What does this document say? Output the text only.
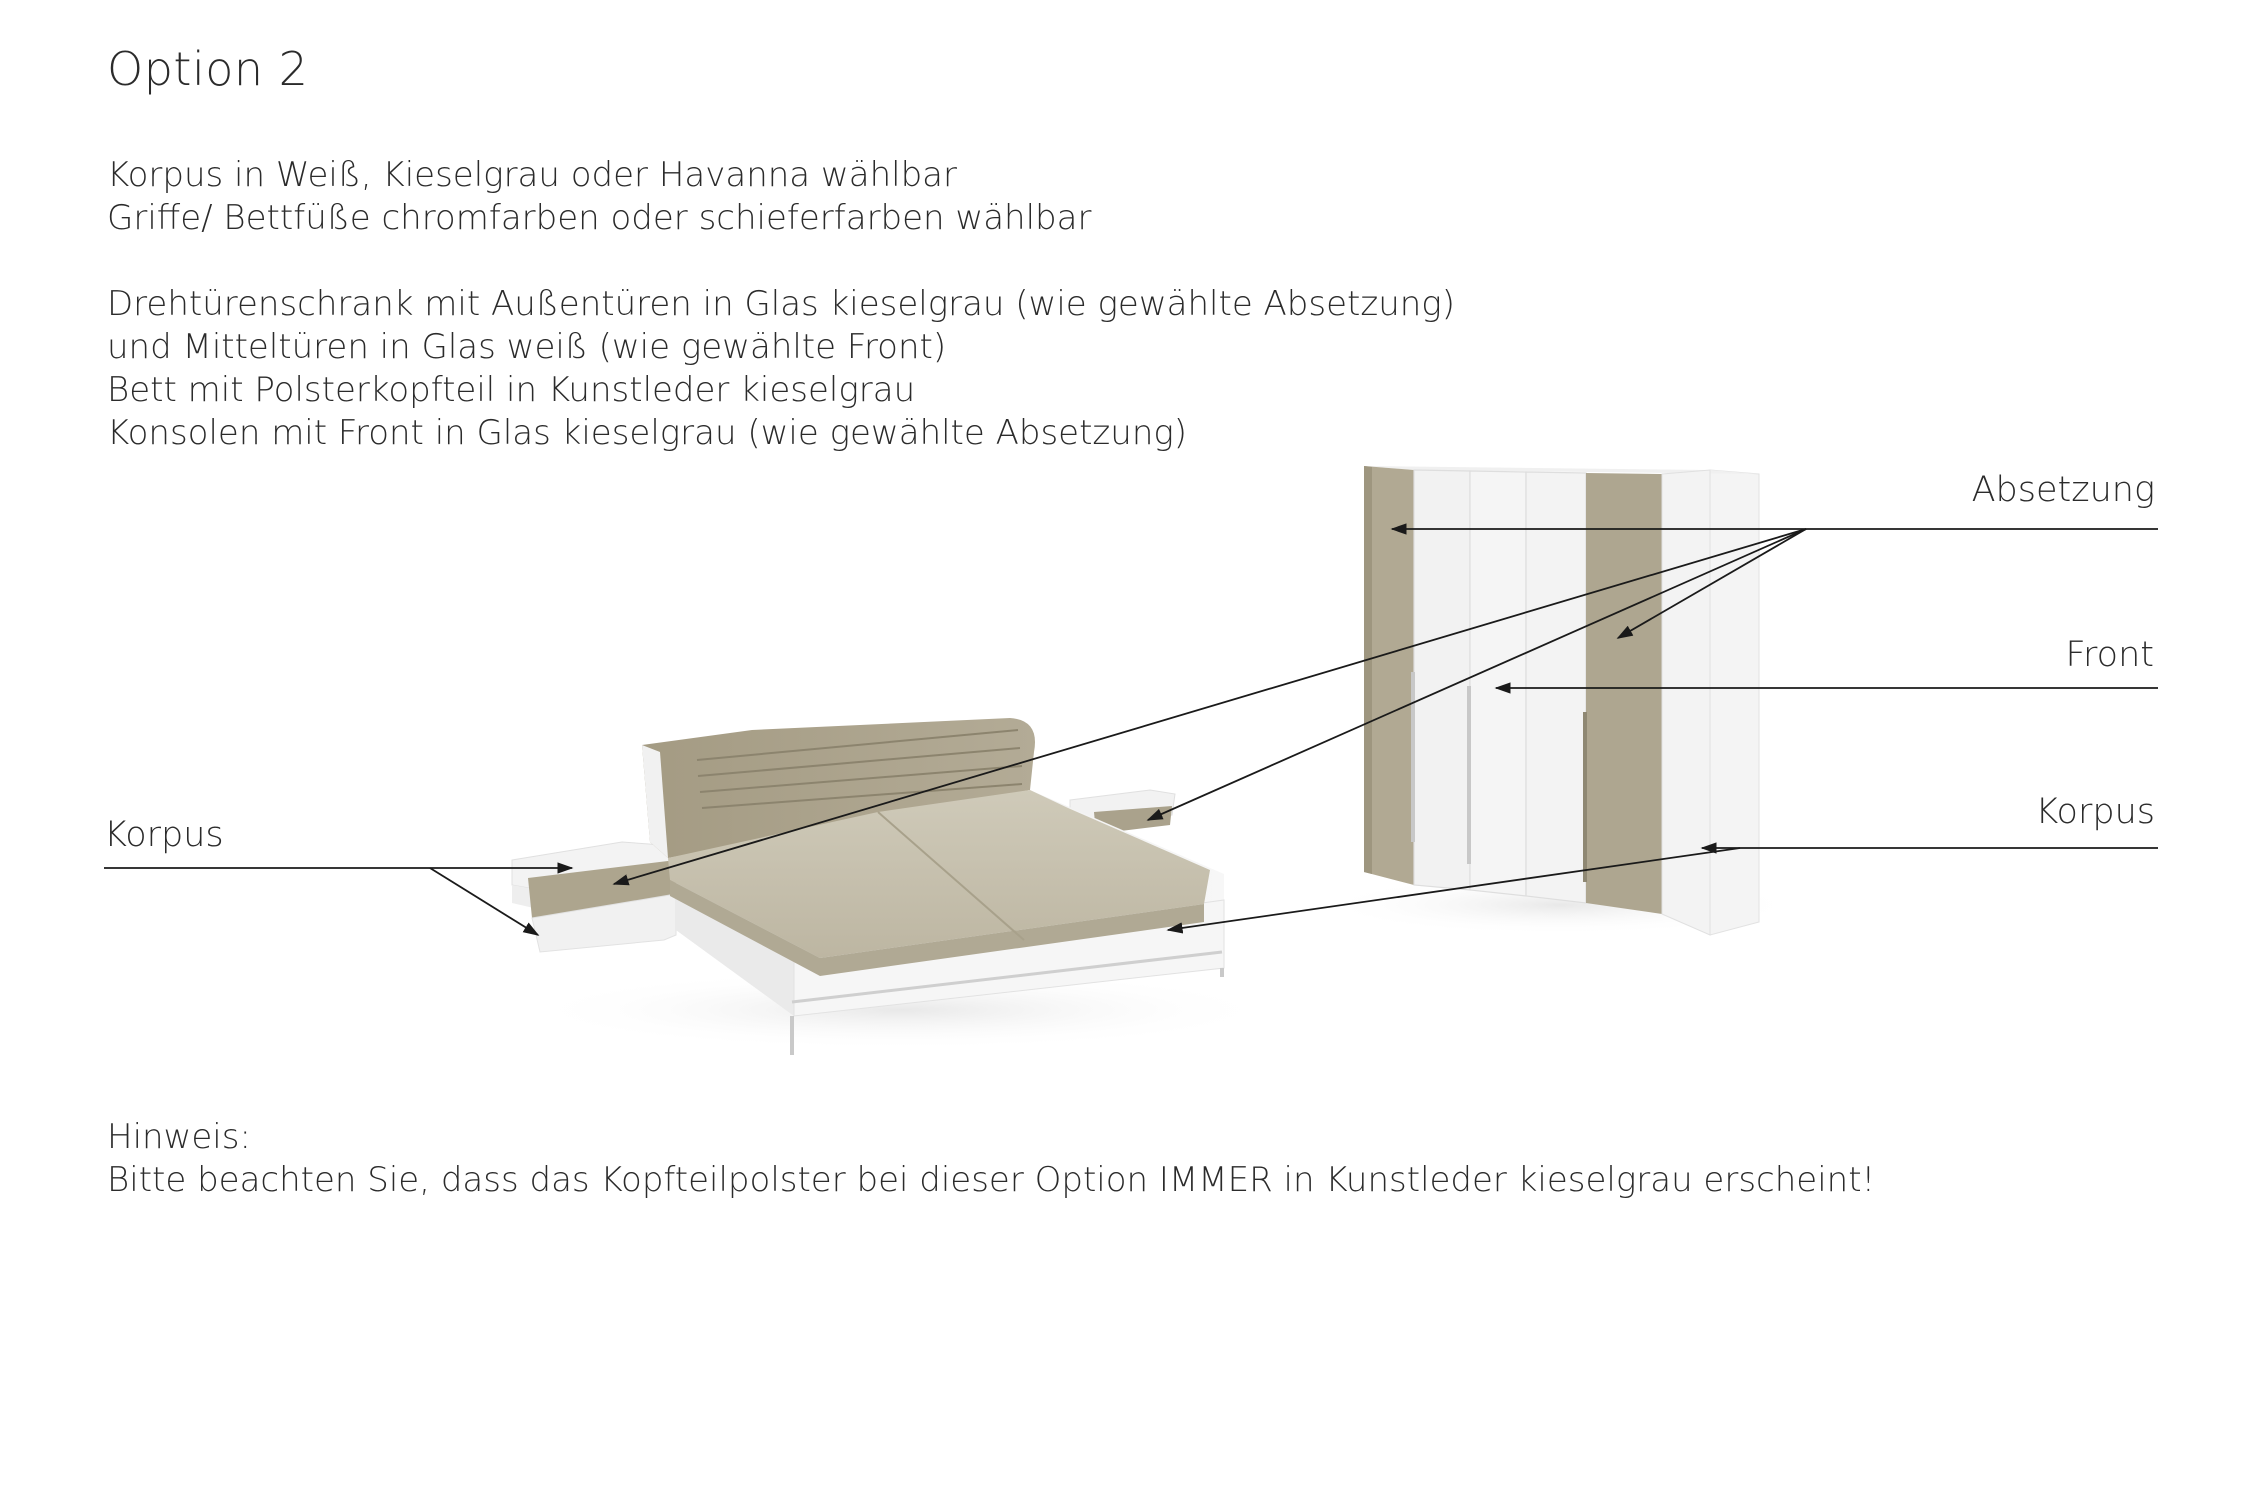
Option 2
Korpus in Weiß, Kieselgrau oder Havanna wählbar
Griffe/ Bettfüße chromfarben oder schieferfarben wählbar
Drehtürenschrank mit Außentüren in Glas kieselgrau (wie gewählte Absetzung)
und Mitteltüren in Glas weiß (wie gewählte Front)
Bett mit Polsterkopfteil in Kunstleder kieselgrau
Konsolen mit Front in Glas kieselgrau (wie gewählte Absetzung)
Absetzung
Front
Korpus
Korpus
Hinweis:
Bitte beachten Sie, dass das Kopfteilpolster bei dieser Option IMMER in Kunstleder kieselgrau erscheint!
